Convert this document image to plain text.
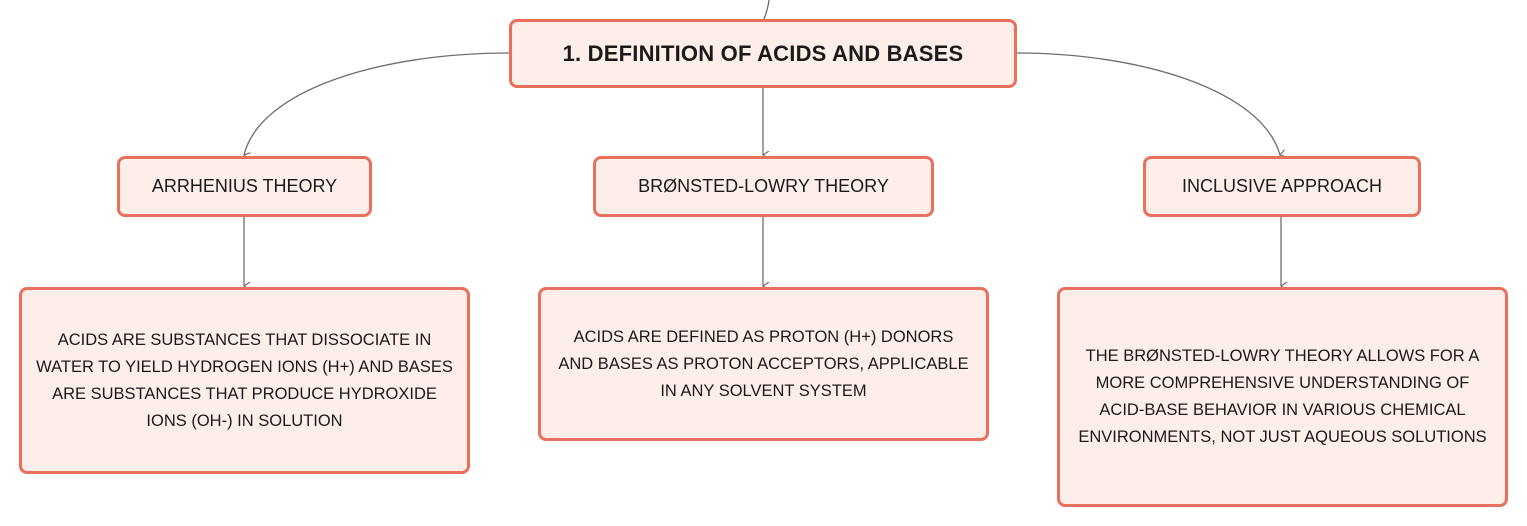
1. DEFINITION OF ACIDS AND BASES
ARRHENIUS THEORY	BRØNSTED-LOWRY THEORY	INCLUSIVE APPROACH
ACIDS ARE SUBSTANCES THAT DISSOCIATE IN WATER TO YIELD HYDROGEN IONS (H+) AND BASES ARE SUBSTANCES THAT PRODUCE HYDROXIDE IONS (OH-) IN SOLUTION
ACIDS ARE DEFINED AS PROTON (H+) DONORS AND BASES AS PROTON ACCEPTORS, APPLICABLE IN ANY SOLVENT SYSTEM
THE BRØNSTED-LOWRY THEORY ALLOWS FOR A MORE COMPREHENSIVE UNDERSTANDING OF ACID-BASE BEHAVIOR IN VARIOUS CHEMICAL ENVIRONMENTS, NOT JUST AQUEOUS SOLUTIONS
